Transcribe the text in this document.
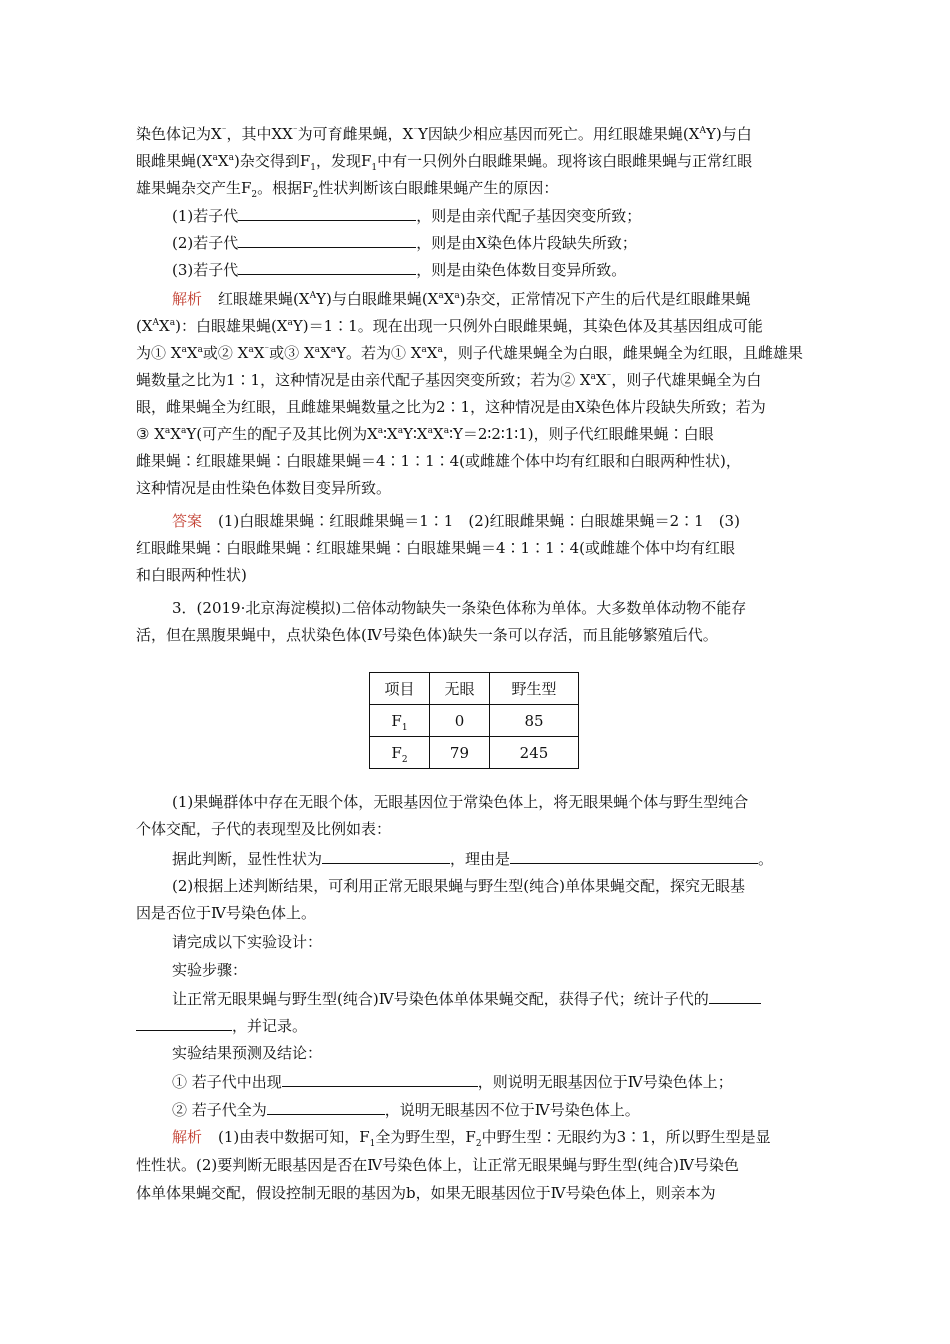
染色体记为X⁻，其中XX⁻为可育雌果蝇，X⁻Y因缺少相应基因而死亡。用红眼雄果蝇$(X^AY)$与白
眼雌果蝇$(X^aX^a)$杂交得到$F_1$，发现$F_1$中有一只例外白眼雌果蝇。现将该白眼雌果蝇与正常红眼
雄果蝇杂交产生$F_2$。根据$F_2$性状判断该白眼雌果蝇产生的原因：
(1)若子代	，则是由亲代配子基因突变所致；
(2)若子代	，则是由X染色体片段缺失所致；
(3)若子代	，则是由染色体数目变异所致。
解析 红眼雄果蝇$(X^AY)$与白眼雌果蝇$(X^aX^a)$杂交，正常情况下产生的后代是红眼雌果蝇
$(X^AX^a)$：白眼雄果蝇$(X^aY)=1∶1$。现在出现一只例外白眼雌果蝇，其染色体及其基因组成可能
为① $X^aX^a$或② $X^aX^{^-}$或③ $X^aX^aY$。若为① $X^aX^a$，则子代雄果蝇全为白眼，雌果蝇全为红眼，且雌雄果
蝇数量之比为1∶1，这种情况是由亲代配子基因突变所致；若为② $X^aX^{^-}$，则子代雄果蝇全为白
眼，雌果蝇全为红眼，且雌雄果蝇数量之比为2∶1，这种情况是由X染色体片段缺失所致；若为
③ $X^aX^aY$(可产生的配子及其比例为$X^a∶X^aY∶X^aX^a∶Y=2∶2∶1∶1$)，则子代红眼雌果蝇∶白眼
雌果蝇∶红眼雄果蝇∶白眼雄果蝇＝4∶1∶1∶4(或雌雄个体中均有红眼和白眼两种性状)，
这种情况是由性染色体数目变异所致。
答案 (1)白眼雄果蝇∶红眼雌果蝇＝1∶1　(2)红眼雌果蝇∶白眼雄果蝇＝2∶1　(3)
红眼雌果蝇∶白眼雌果蝇∶红眼雄果蝇∶白眼雄果蝇＝4∶1∶1∶4(或雌雄个体中均有红眼
和白眼两种性状)
3．(2019·北京海淀模拟)二倍体动物缺失一条染色体称为单体。大多数单体动物不能存
活，但在黑腹果蝇中，点状染色体(Ⅳ号染色体)缺失一条可以存活，而且能够繁殖后代。
项目	无眼	野生型
$F_1$	0	85
$F_2$	79	245
(1)果蝇群体中存在无眼个体，无眼基因位于常染色体上，将无眼果蝇个体与野生型纯合
个体交配，子代的表现型及比例如表：
据此判断，显性性状为	，理由是	。
(2)根据上述判断结果，可利用正常无眼果蝇与野生型(纯合)单体果蝇交配，探究无眼基
因是否位于Ⅳ号染色体上。
请完成以下实验设计：
实验步骤：
让正常无眼果蝇与野生型(纯合)Ⅳ号染色体单体果蝇交配，获得子代；统计子代的
，并记录。
实验结果预测及结论：
① 若子代中出现	，则说明无眼基因位于Ⅳ号染色体上；
② 若子代全为	，说明无眼基因不位于Ⅳ号染色体上。
解析 (1)由表中数据可知，$F_1$全为野生型，$F_2$中野生型∶无眼约为3∶1，所以野生型是显
性性状。(2)要判断无眼基因是否在Ⅳ号染色体上，让正常无眼果蝇与野生型(纯合)Ⅳ号染色
体单体果蝇交配，假设控制无眼的基因为b，如果无眼基因位于Ⅳ号染色体上，则亲本为
